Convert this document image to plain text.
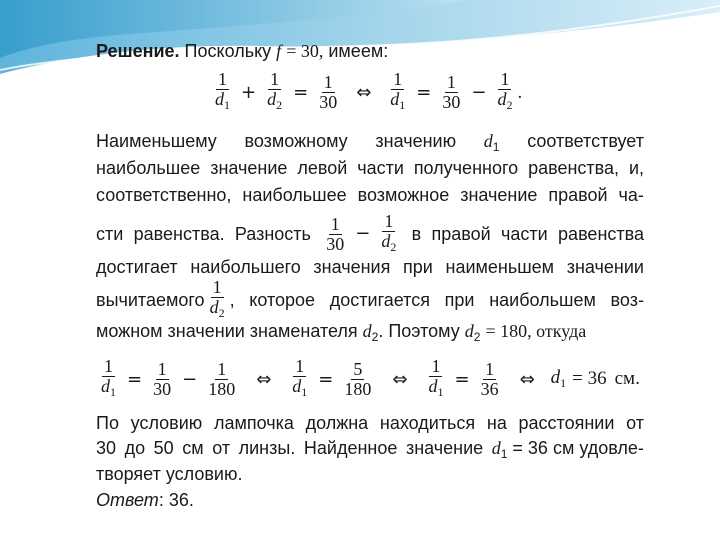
Решение. Поскольку f = 30, имеем:
$\frac{1}{d_1} + \frac{1}{d_2} = \frac{1}{30}$ ⇔ $\frac{1}{d_1} = \frac{1}{30} - \frac{1}{d_2}$ .
Наименьшему возможному значению $d_1$ соответствует
наибольшее значение левой части полученного равенства, и,
соответственно, наибольшее возможное значение правой ча-
сти равенства. Разность $\frac{1}{30} - \frac{1}{d_2}$ в правой части равенства
достигает наибольшего значения при наименьшем значении
вычитаемого $\frac{1}{d_2}$ , которое достигается при наибольшем воз-
можном значении знаменателя $d_2$. Поэтому $d_2 = 180$, откуда
$\frac{1}{d_1} = \frac{1}{30} - \frac{1}{180}$ ⇔ $\frac{1}{d_1} = \frac{5}{180}$ ⇔ $\frac{1}{d_1} = \frac{1}{36}$ ⇔ $d_1 = 36$ см.
По условию лампочка должна находиться на расстоянии от
30 до 50 см от линзы. Найденное значение $d_1 = 36$ см удовле-
творяет условию.
Ответ: 36.
